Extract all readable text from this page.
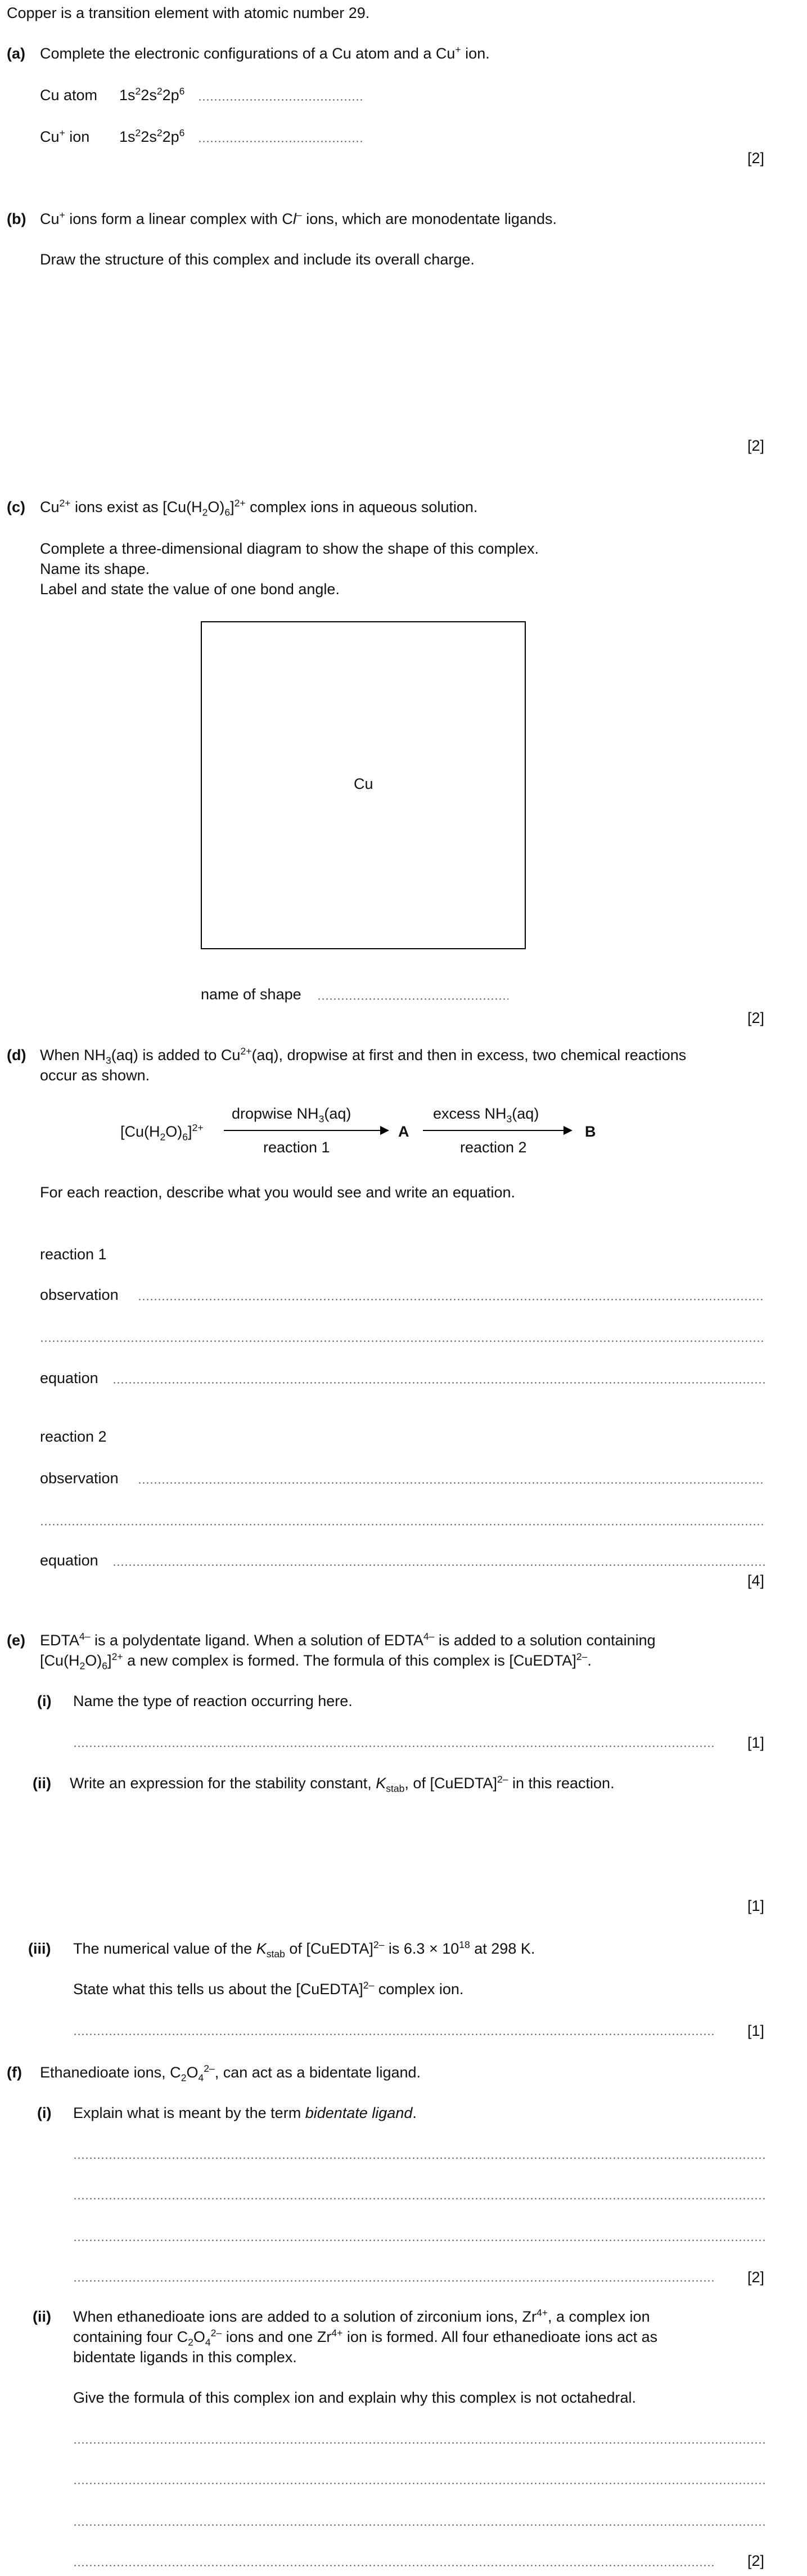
Copper is a transition element with atomic number 29.
(a) Complete the electronic configurations of a Cu atom and a Cu+ ion.
Cu atom $1s^22s^22p^6$
Cu+ ion $1s^22s^22p^6$
[2]
(b) Cu+ ions form a linear complex with Cl– ions, which are monodentate ligands.
Draw the structure of this complex and include its overall charge.
[2]
(c) $Cu^{2+}$ ions exist as $[Cu(H_2O)_6]^{2+}$ complex ions in aqueous solution.
Complete a three-dimensional diagram to show the shape of this complex.
Name its shape.
Label and state the value of one bond angle.
Cu
name of shape
[2]
(d) When $NH_3(aq)$ is added to $Cu^{2+}(aq)$, dropwise at first and then in excess, two chemical reactions
occur as shown.
$[Cu(H_2O)_6]^{2+}$
dropwise $NH_3(aq)$
reaction 1
A
excess $NH_3(aq)$
reaction 2
B
For each reaction, describe what you would see and write an equation.
reaction 1
observation
equation
reaction 2
observation
equation
[4]
(e) $EDTA^{4-}$ is a polydentate ligand. When a solution of $EDTA^{4-}$ is added to a solution containing
$[Cu(H_2O)_6]^{2+}$ a new complex is formed. The formula of this complex is [CuEDTA]$^{2-}$.
(i) Name the type of reaction occurring here.
[1]
(ii) Write an expression for the stability constant, $K_{stab}$, of [CuEDTA]$^{2-}$ in this reaction.
[1]
(iii) The numerical value of the $K_{stab}$ of [CuEDTA]$^{2-}$ is $6.3 \times 10^{18}$ at 298 K.
State what this tells us about the [CuEDTA]$^{2-}$ complex ion.
[1]
(f) Ethanedioate ions, $C_2O_4^{2-}$, can act as a bidentate ligand.
(i) Explain what is meant by the term bidentate ligand.
[2]
(ii) When ethanedioate ions are added to a solution of zirconium ions, $Zr^{4+}$, a complex ion
containing four $C_2O_4^{2-}$ ions and one $Zr^{4+}$ ion is formed. All four ethanedioate ions act as
bidentate ligands in this complex.
Give the formula of this complex ion and explain why this complex is not octahedral.
[2]
